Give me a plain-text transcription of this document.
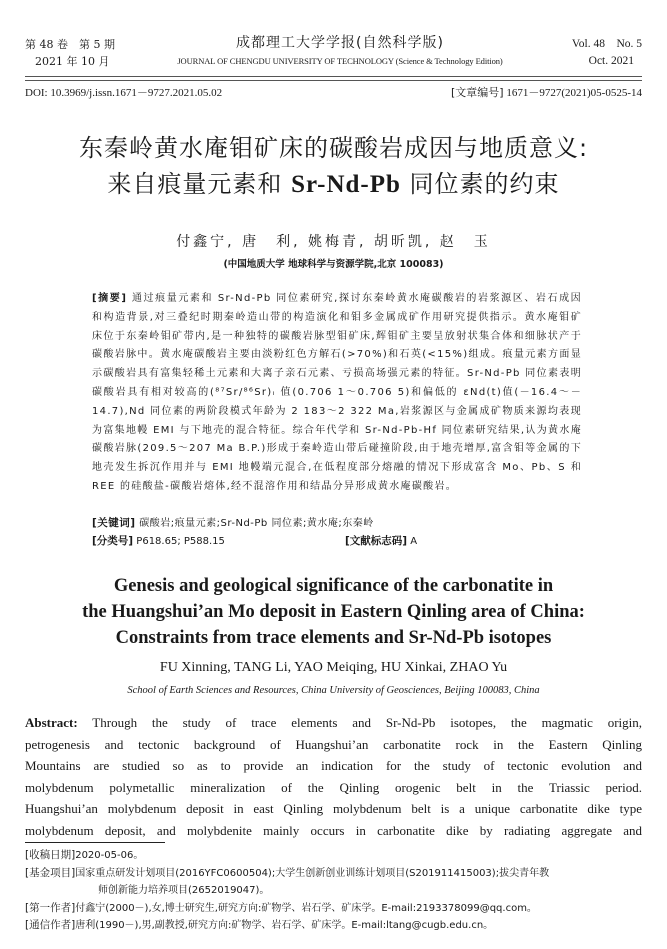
第 48 卷　第 5 期
2021 年 10 月
成都理工大学学报(自然科学版)
JOURNAL OF CHENGDU UNIVERSITY OF TECHNOLOGY (Science & Technology Edition)
Vol. 48　No. 5
Oct. 2021
DOI: 10.3969/j.issn.1671－9727.2021.05.02	[文章编号] 1671－9727(2021)05-0525-14
东秦岭黄水庵钼矿床的碳酸岩成因与地质意义:
来自痕量元素和 Sr-Nd-Pb 同位素的约束
付鑫宁, 唐　利, 姚梅青, 胡昕凯, 赵　玉
(中国地质大学 地球科学与资源学院,北京 100083)
[摘要] 通过痕量元素和 Sr-Nd-Pb 同位素研究,探讨东秦岭黄水庵碳酸岩的岩浆源区、岩石成因和构造背景,对三叠纪时期秦岭造山带的构造演化和钼多金属成矿作用研究提供指示。黄水庵钼矿床位于东秦岭钼矿带内,是一种独特的碳酸岩脉型钼矿床,辉钼矿主要呈放射状集合体和细脉状产于碳酸岩脉中。黄水庵碳酸岩主要由淡粉红色方解石(>70%)和石英(<15%)组成。痕量元素方面显示碳酸岩具有富集轻稀土元素和大离子亲石元素、亏损高场强元素的特征。Sr-Nd-Pb 同位素表明碳酸岩具有相对较高的(⁸⁷Sr/⁸⁶Sr)ᵢ 值(0.706 1～0.706 5)和偏低的 εNd(t)值(－16.4～－14.7),Nd 同位素的两阶段模式年龄为 2 183～2 322 Ma,岩浆源区与金属成矿物质来源均表现为富集地幔 EMI 与下地壳的混合特征。综合年代学和 Sr-Nd-Pb-Hf 同位素研究结果,认为黄水庵碳酸岩脉(209.5～207 Ma B.P.)形成于秦岭造山带后碰撞阶段,由于地壳增厚,富含钼等金属的下地壳发生拆沉作用并与 EMI 地幔端元混合,在低程度部分熔融的情况下形成富含 Mo、Pb、S 和 REE 的硅酸盐-碳酸岩熔体,经不混溶作用和结晶分异形成黄水庵碳酸岩。
[关键词] 碳酸岩;痕量元素;Sr-Nd-Pb 同位素;黄水庵;东秦岭
[分类号] P618.65; P588.15	[文献标志码] A
Genesis and geological significance of the carbonatite in
the Huangshui’an Mo deposit in Eastern Qinling area of China:
Constraints from trace elements and Sr-Nd-Pb isotopes
FU Xinning, TANG Li, YAO Meiqing, HU Xinkai, ZHAO Yu
School of Earth Sciences and Resources, China University of Geosciences, Beijing 100083, China
Abstract: Through the study of trace elements and Sr-Nd-Pb isotopes, the magmatic origin,
petrogenesis and tectonic background of Huangshui’an carbonatite rock in the Eastern Qinling
Mountains are studied so as to provide an indication for the study of tectonic evolution and
molybdenum polymetallic mineralization of the Qinling orogenic belt in the Triassic period.
Huangshui’an molybdenum deposit in east Qinling molybdenum belt is a unique carbonatite dike type
molybdenum deposit, and molybdenite mainly occurs in carbonatite dike by radiating aggregate and
[收稿日期] 2020-05-06。
[基金项目] 国家重点研发计划项目(2016YFC0600504);大学生创新创业训练计划项目(S201911415003);拔尖青年教
师创新能力培养项目(2652019047)。
[第一作者] 付鑫宁(2000－),女,博士研究生,研究方向:矿物学、岩石学、矿床学。E-mail:2193378099@qq.com。
[通信作者] 唐利(1990－),男,副教授,研究方向:矿物学、岩石学、矿床学。E-mail:ltang@cugb.edu.cn。
